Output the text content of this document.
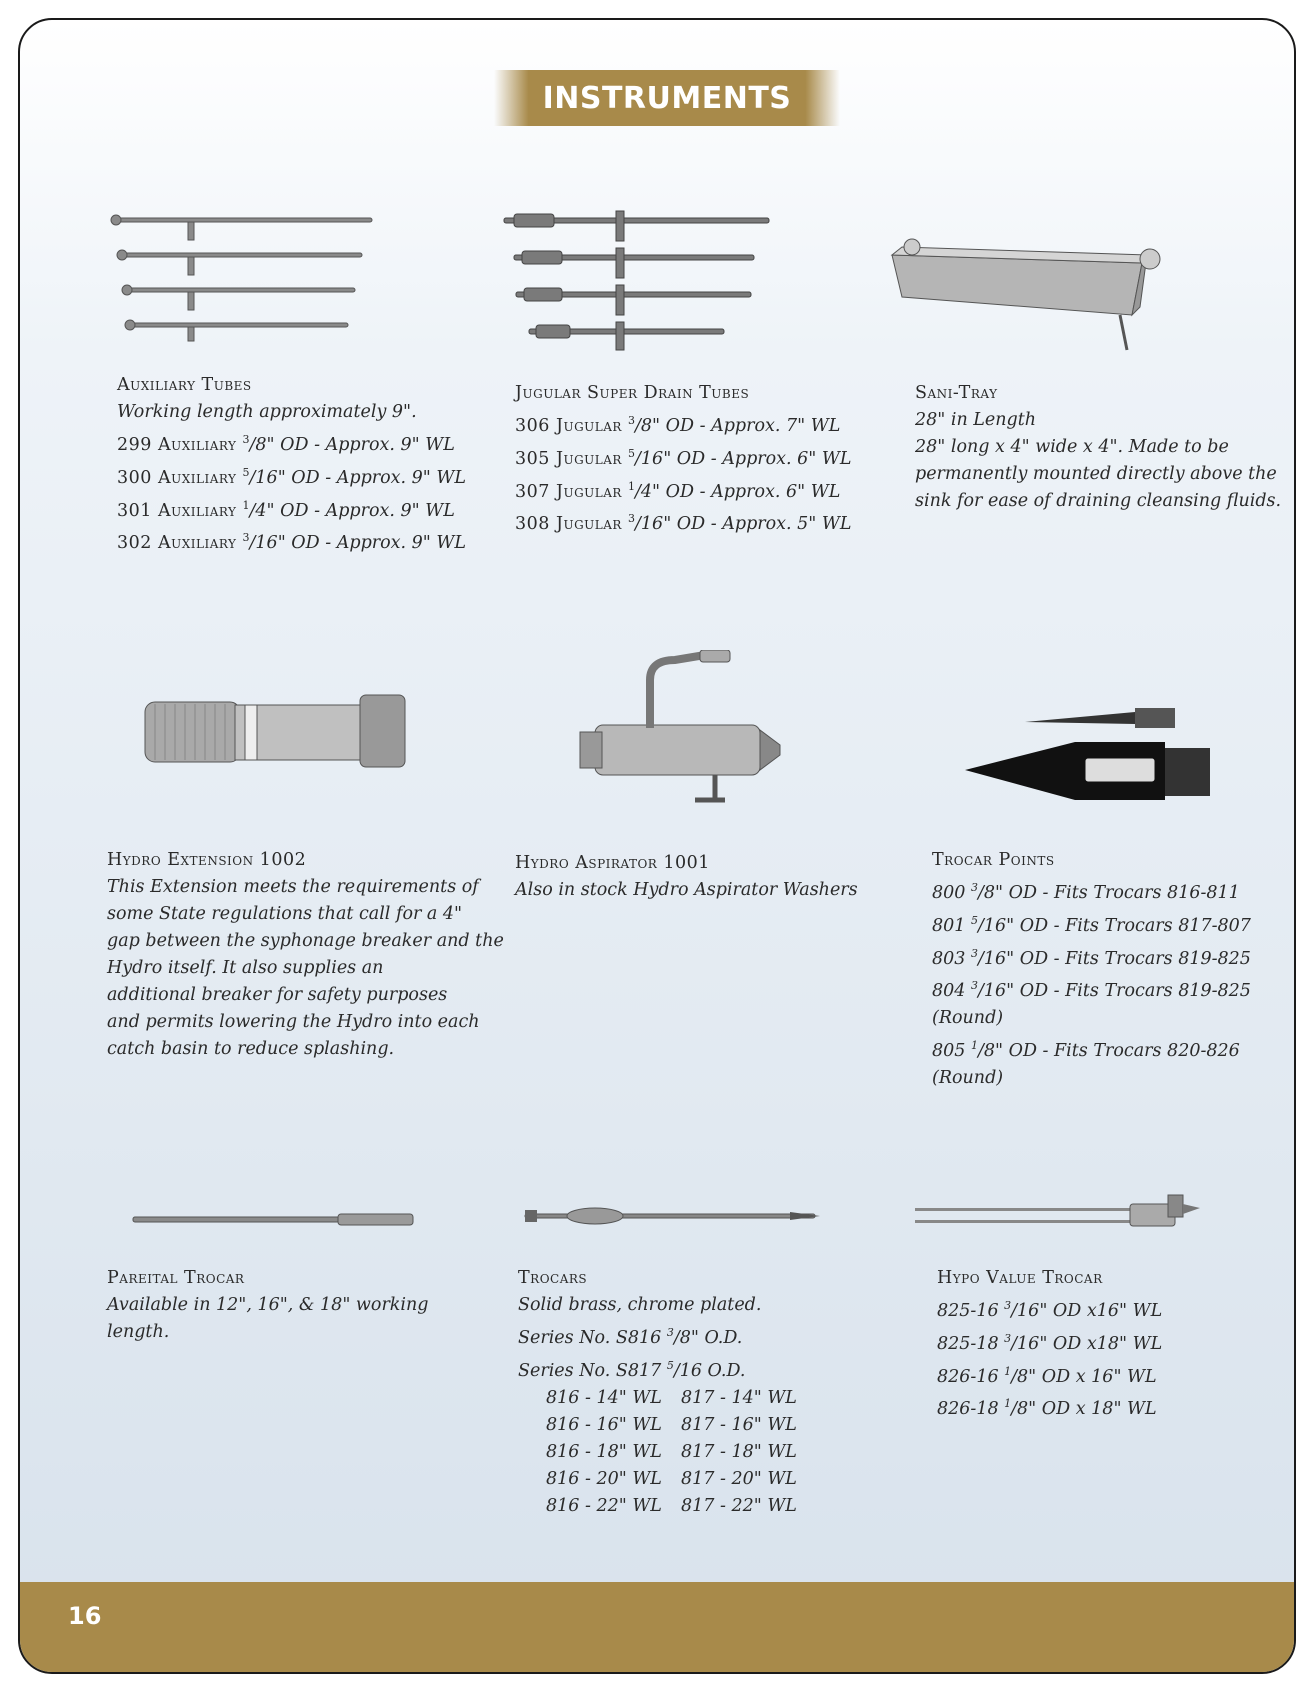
INSTRUMENTS
Auxiliary Tubes
Working length approximately 9".
299 Auxiliary $^3$/8" OD - Approx. 9" WL
300 Auxiliary $^5$/16" OD - Approx. 9" WL
301 Auxiliary $^1$/4" OD - Approx. 9" WL
302 Auxiliary $^3$/16" OD - Approx. 9" WL
Jugular Super Drain Tubes
306 Jugular $^3$/8" OD - Approx. 7" WL
305 Jugular $^5$/16" OD - Approx. 6" WL
307 Jugular $^1$/4" OD - Approx. 6" WL
308 Jugular $^3$/16" OD - Approx. 5" WL
Sani-Tray
28" in Length
28" long x 4" wide x 4". Made to be
permanently mounted directly above the
sink for ease of draining cleansing fluids.
Hydro Extension 1002
This Extension meets the requirements of
some State regulations that call for a 4"
gap between the syphonage breaker and the
Hydro itself. It also supplies an
additional breaker for safety purposes
and permits lowering the Hydro into each
catch basin to reduce splashing.
Hydro Aspirator 1001
Also in stock Hydro Aspirator Washers
Trocar Points
800 $^3$/8" OD - Fits Trocars 816-811
801 $^5$/16" OD - Fits Trocars 817-807
803 $^3$/16" OD - Fits Trocars 819-825
804 $^3$/16" OD - Fits Trocars 819-825
(Round)
805 $^1$/8" OD - Fits Trocars 820-826
(Round)
Pareital Trocar
Available in 12", 16", & 18" working
length.
Trocars
Solid brass, chrome plated.
Series No. S816 $^3$/8" O.D.
Series No. S817 $^5$/16 O.D.
816 - 14" WL 817 - 14" WL
816 - 16" WL 817 - 16" WL
816 - 18" WL 817 - 18" WL
816 - 20" WL 817 - 20" WL
816 - 22" WL 817 - 22" WL
Hypo Value Trocar
825-16 $^3$/16" OD x16" WL
825-18 $^3$/16" OD x18" WL
826-16 $^1$/8" OD x 16" WL
826-18 $^1$/8" OD x 18" WL
16
